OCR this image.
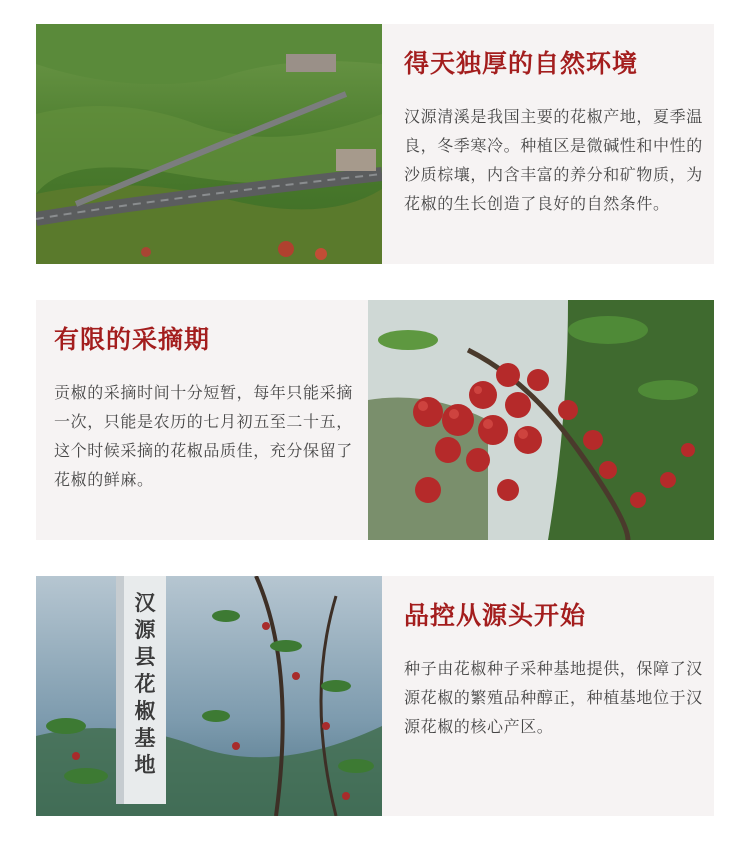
得天独厚的自然环境
汉源清溪是我国主要的花椒产地，夏季温良，冬季寒冷。种植区是微碱性和中性的沙质棕壤，内含丰富的养分和矿物质，为花椒的生长创造了良好的自然条件。
有限的采摘期
贡椒的采摘时间十分短暂，每年只能采摘一次，只能是农历的七月初五至二十五，这个时候采摘的花椒品质佳，充分保留了花椒的鲜麻。
汉源县花椒基地
品控从源头开始
种子由花椒种子采种基地提供，保障了汉源花椒的繁殖品种醇正，种植基地位于汉源花椒的核心产区。
